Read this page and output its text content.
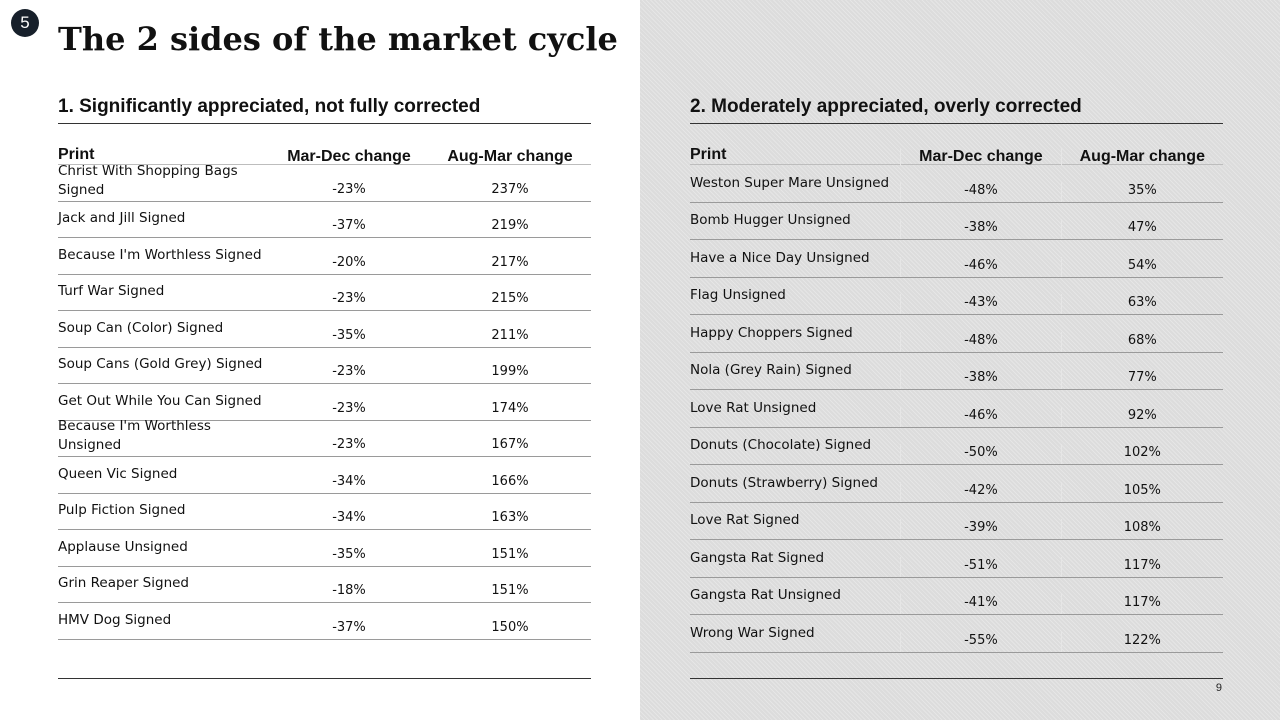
5 The 2 sides of the market cycle
1. Significantly appreciated, not fully corrected
Print	Mar-Dec change	Aug-Mar change
Christ With Shopping Bags Signed	-23%	237%
Jack and Jill Signed	-37%	219%
Because I'm Worthless Signed	-20%	217%
Turf War Signed	-23%	215%
Soup Can (Color) Signed	-35%	211%
Soup Cans (Gold Grey) Signed	-23%	199%
Get Out While You Can Signed	-23%	174%
Because I'm Worthless Unsigned	-23%	167%
Queen Vic Signed	-34%	166%
Pulp Fiction Signed	-34%	163%
Applause Unsigned	-35%	151%
Grin Reaper Signed	-18%	151%
HMV Dog Signed	-37%	150%
2. Moderately appreciated, overly corrected
Print	Mar-Dec change	Aug-Mar change
Weston Super Mare Unsigned	-48%	35%
Bomb Hugger Unsigned	-38%	47%
Have a Nice Day Unsigned	-46%	54%
Flag Unsigned	-43%	63%
Happy Choppers Signed	-48%	68%
Nola (Grey Rain) Signed	-38%	77%
Love Rat Unsigned	-46%	92%
Donuts (Chocolate) Signed	-50%	102%
Donuts (Strawberry) Signed	-42%	105%
Love Rat Signed	-39%	108%
Gangsta Rat Signed	-51%	117%
Gangsta Rat Unsigned	-41%	117%
Wrong War Signed	-55%	122%
9
